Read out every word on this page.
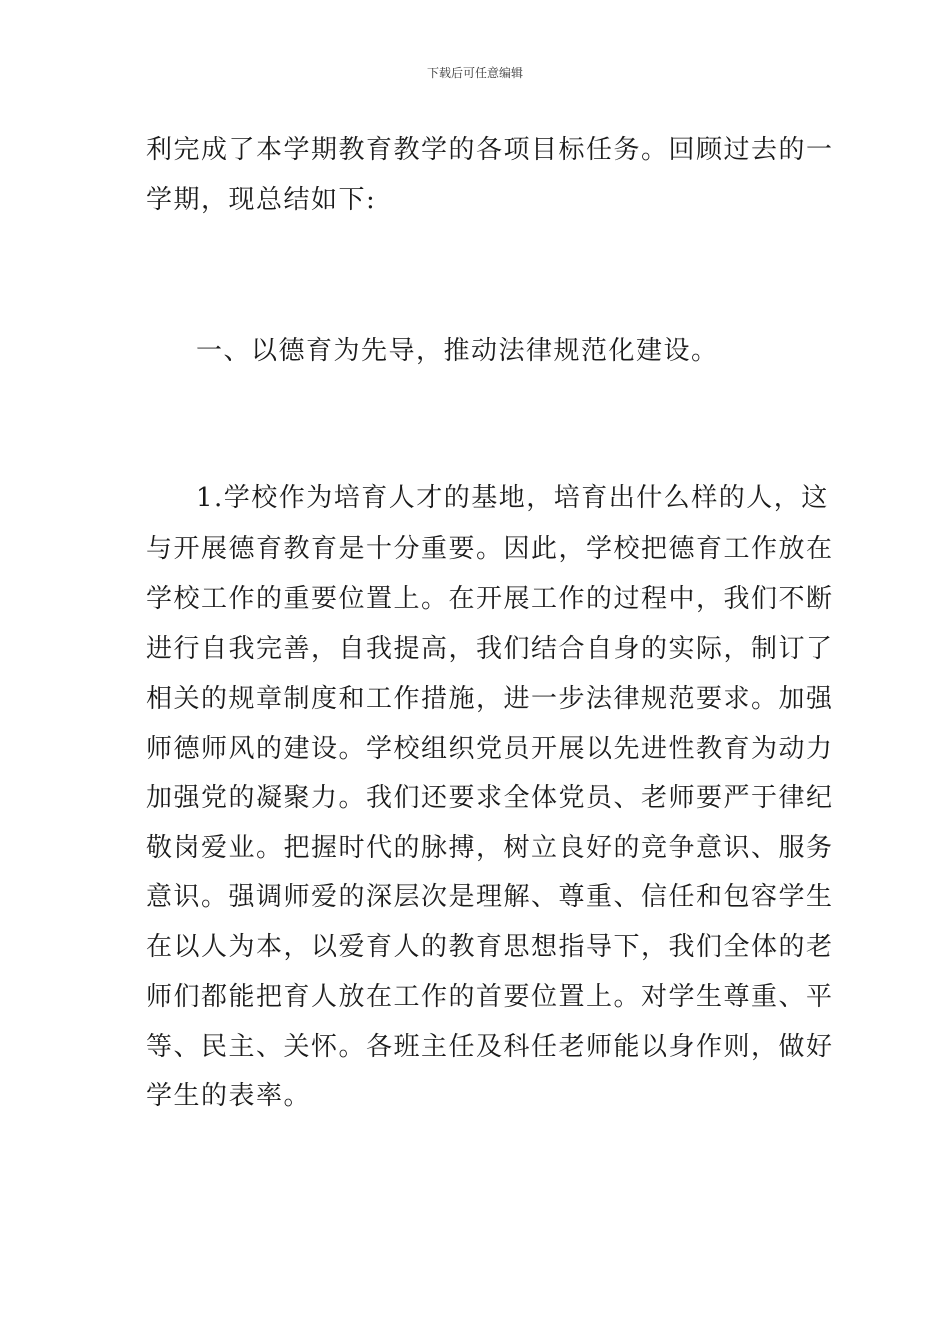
下载后可任意编辑
利完成了本学期教育教学的各项目标任务。回顾过去的一
学期，现总结如下:
一、以德育为先导，推动法律规范化建设。
1.学校作为培育人才的基地，培育出什么样的人，这
与开展德育教育是十分重要。因此，学校把德育工作放在
学校工作的重要位置上。在开展工作的过程中，我们不断
进行自我完善，自我提高，我们结合自身的实际，制订了
相关的规章制度和工作措施，进一步法律规范要求。加强
师德师风的建设。学校组织党员开展以先进性教育为动力
加强党的凝聚力。我们还要求全体党员、老师要严于律纪
敬岗爱业。把握时代的脉搏，树立良好的竞争意识、服务
意识。强调师爱的深层次是理解、尊重、信任和包容学生
在以人为本，以爱育人的教育思想指导下，我们全体的老
师们都能把育人放在工作的首要位置上。对学生尊重、平
等、民主、关怀。各班主任及科任老师能以身作则，做好
学生的表率。
